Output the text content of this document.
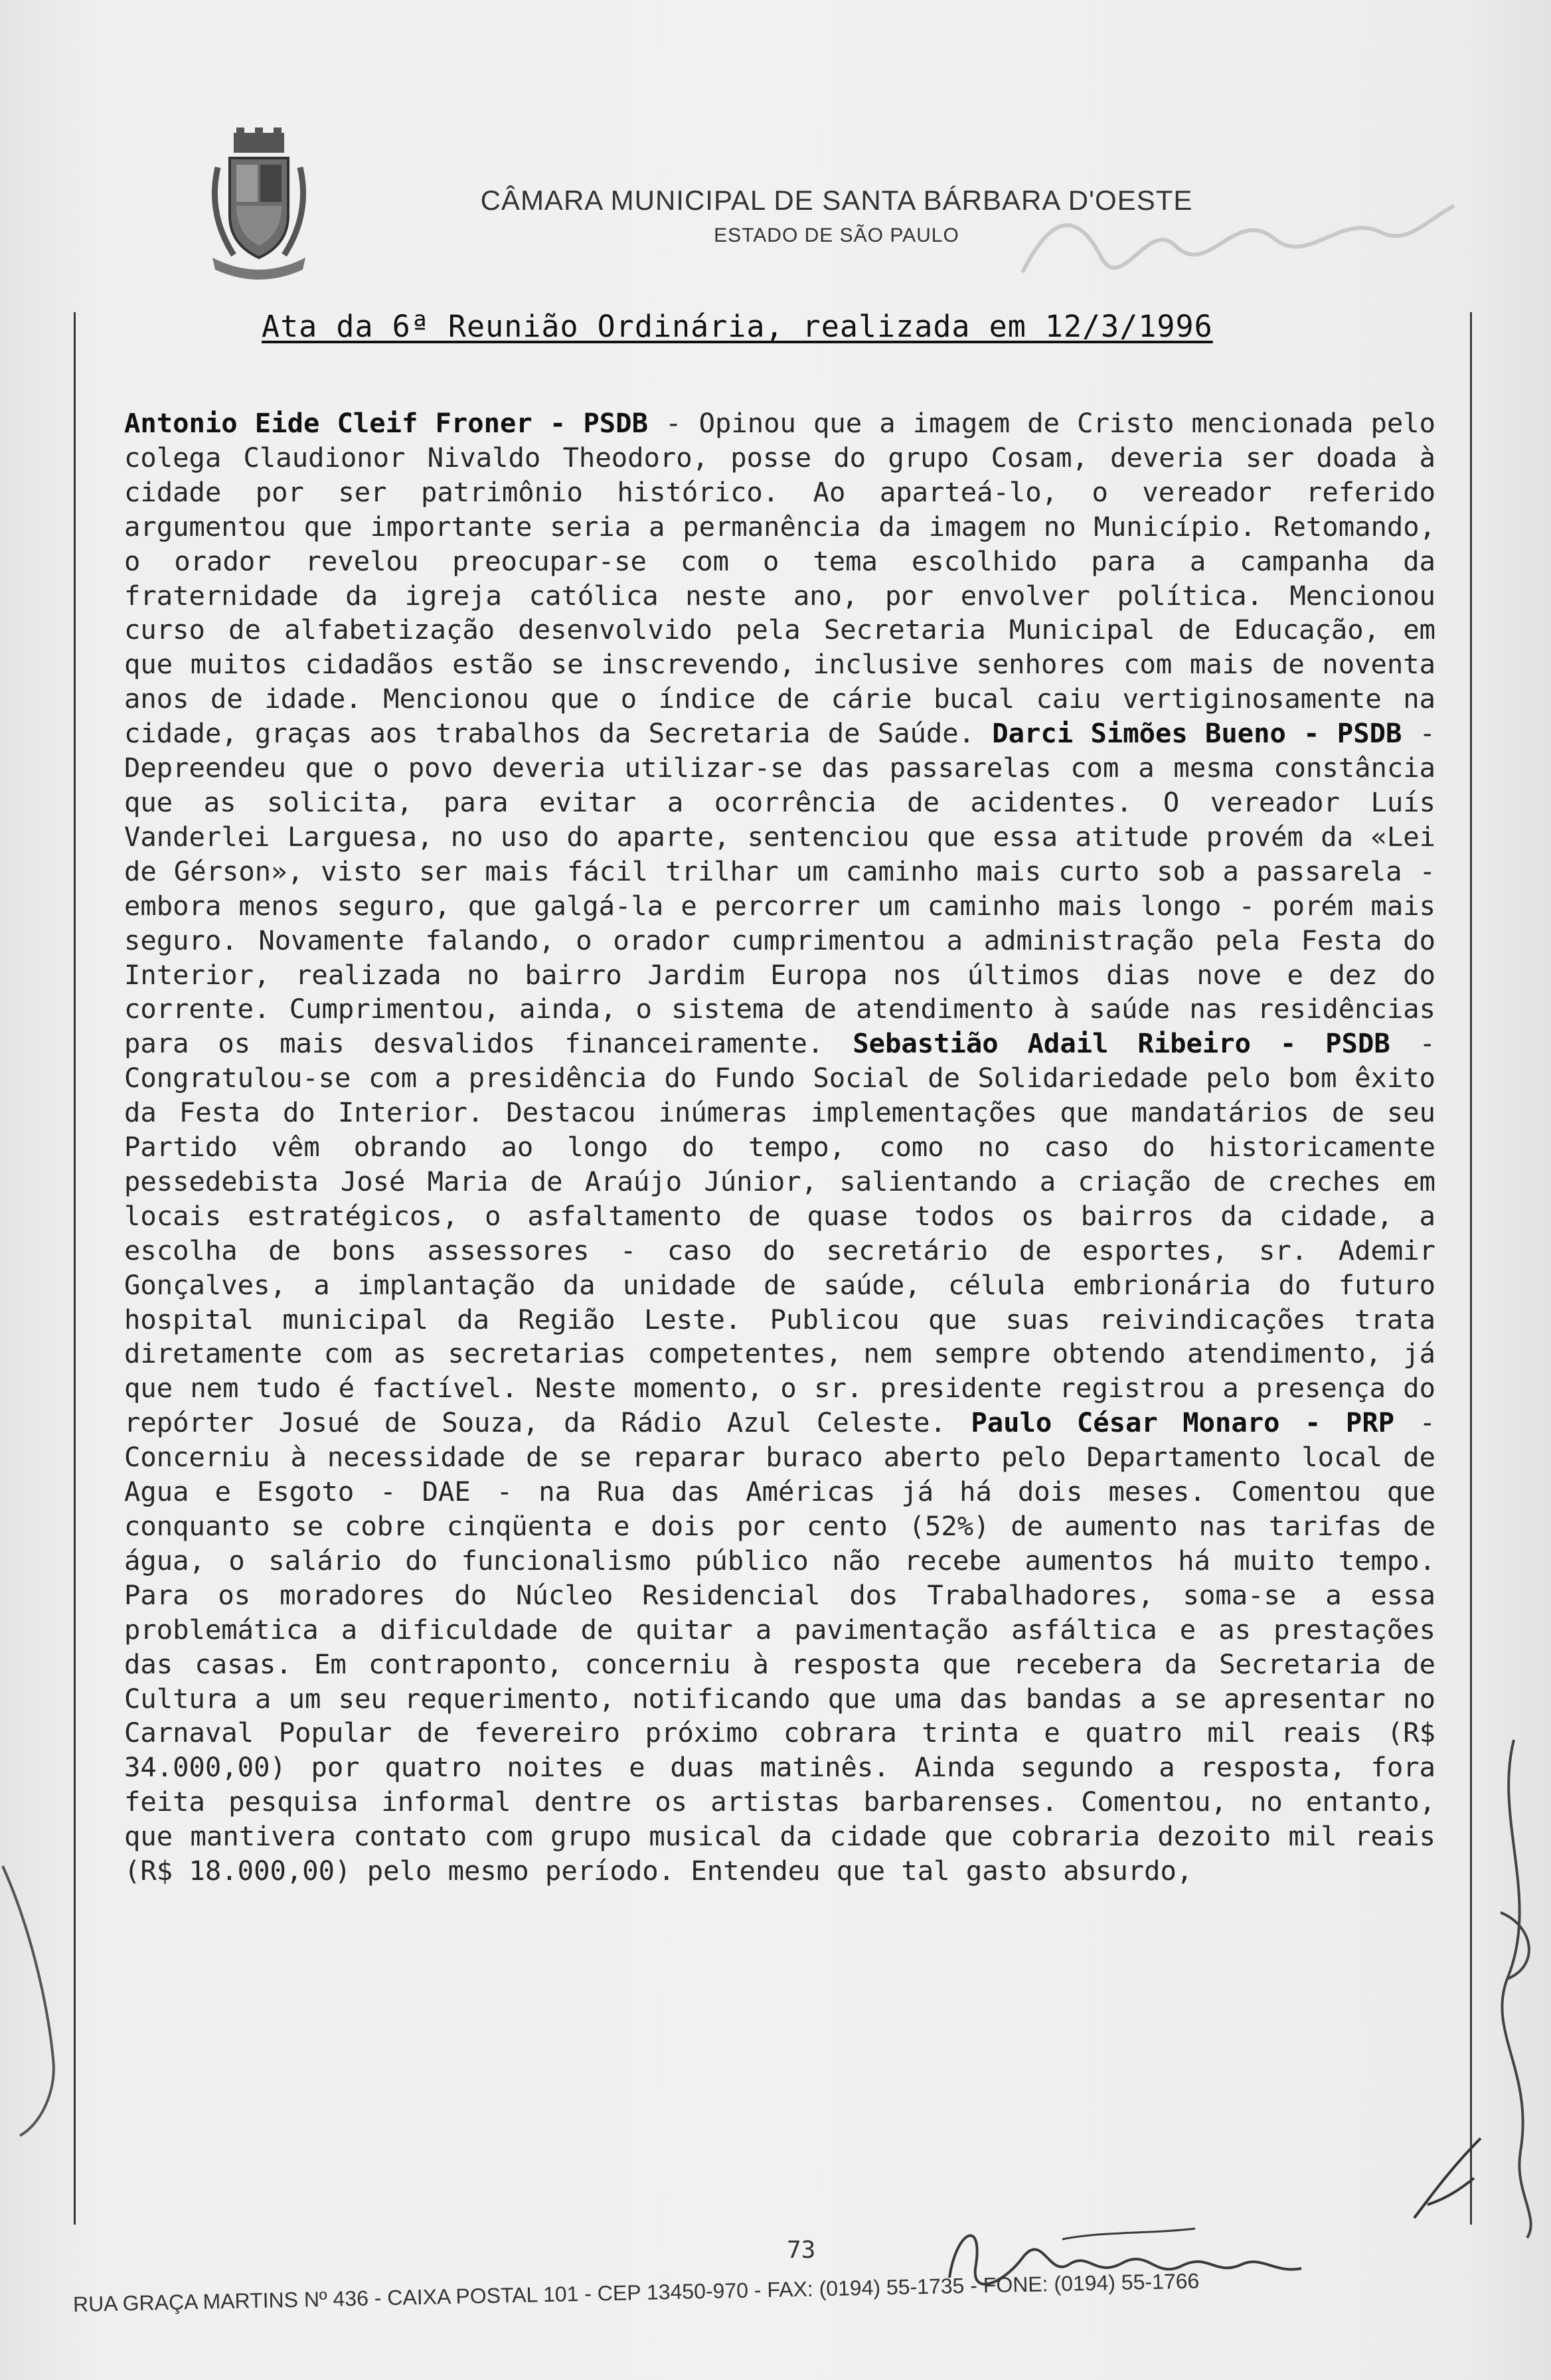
CÂMARA MUNICIPAL DE SANTA BÁRBARA D'OESTE
ESTADO DE SÃO PAULO
Ata da 6ª Reunião Ordinária, realizada em 12/3/1996
Antonio Eide Cleif Froner - PSDB - Opinou que a imagem de Cristo mencionada pelo colega Claudionor Nivaldo Theodoro, posse do grupo Cosam, deveria ser doada à cidade por ser patrimônio histórico. Ao aparteá-lo, o vereador referido argumentou que importante seria a permanência da imagem no Município. Retomando, o orador revelou preocupar-se com o tema escolhido para a campanha da fraternidade da igreja católica neste ano, por envolver política. Mencionou curso de alfabetização desenvolvido pela Secretaria Municipal de Educação, em que muitos cidadãos estão se inscrevendo, inclusive senhores com mais de noventa anos de idade. Mencionou que o índice de cárie bucal caiu vertiginosamente na cidade, graças aos trabalhos da Secretaria de Saúde. Darci Simões Bueno - PSDB - Depreendeu que o povo deveria utilizar-se das passarelas com a mesma constância que as solicita, para evitar a ocorrência de acidentes. O vereador Luís Vanderlei Larguesa, no uso do aparte, sentenciou que essa atitude provém da «Lei de Gérson», visto ser mais fácil trilhar um caminho mais curto sob a passarela - embora menos seguro, que galgá-la e percorrer um caminho mais longo - porém mais seguro. Novamente falando, o orador cumprimentou a administração pela Festa do Interior, realizada no bairro Jardim Europa nos últimos dias nove e dez do corrente. Cumprimentou, ainda, o sistema de atendimento à saúde nas residências para os mais desvalidos financeiramente. Sebastião Adail Ribeiro - PSDB - Congratulou-se com a presidência do Fundo Social de Solidariedade pelo bom êxito da Festa do Interior. Destacou inúmeras implementações que mandatários de seu Partido vêm obrando ao longo do tempo, como no caso do historicamente pessedebista José Maria de Araújo Júnior, salientando a criação de creches em locais estratégicos, o asfaltamento de quase todos os bairros da cidade, a escolha de bons assessores - caso do secretário de esportes, sr. Ademir Gonçalves, a implantação da unidade de saúde, célula embrionária do futuro hospital municipal da Região Leste. Publicou que suas reivindicações trata diretamente com as secretarias competentes, nem sempre obtendo atendimento, já que nem tudo é factível. Neste momento, o sr. presidente registrou a presença do repórter Josué de Souza, da Rádio Azul Celeste. Paulo César Monaro - PRP - Concerniu à necessidade de se reparar buraco aberto pelo Departamento local de Agua e Esgoto - DAE - na Rua das Américas já há dois meses. Comentou que conquanto se cobre cinqüenta e dois por cento (52%) de aumento nas tarifas de água, o salário do funcionalismo público não recebe aumentos há muito tempo. Para os moradores do Núcleo Residencial dos Trabalhadores, soma-se a essa problemática a dificuldade de quitar a pavimentação asfáltica e as prestações das casas. Em contraponto, concerniu à resposta que recebera da Secretaria de Cultura a um seu requerimento, notificando que uma das bandas a se apresentar no Carnaval Popular de fevereiro próximo cobrara trinta e quatro mil reais (R$ 34.000,00) por quatro noites e duas matinês. Ainda segundo a resposta, fora feita pesquisa informal dentre os artistas barbarenses. Comentou, no entanto, que mantivera contato com grupo musical da cidade que cobraria dezoito mil reais (R$ 18.000,00) pelo mesmo período. Entendeu que tal gasto absurdo,
73
RUA GRAÇA MARTINS Nº 436 - CAIXA POSTAL 101 - CEP 13450-970 - FAX: (0194) 55-1735 - FONE: (0194) 55-1766
